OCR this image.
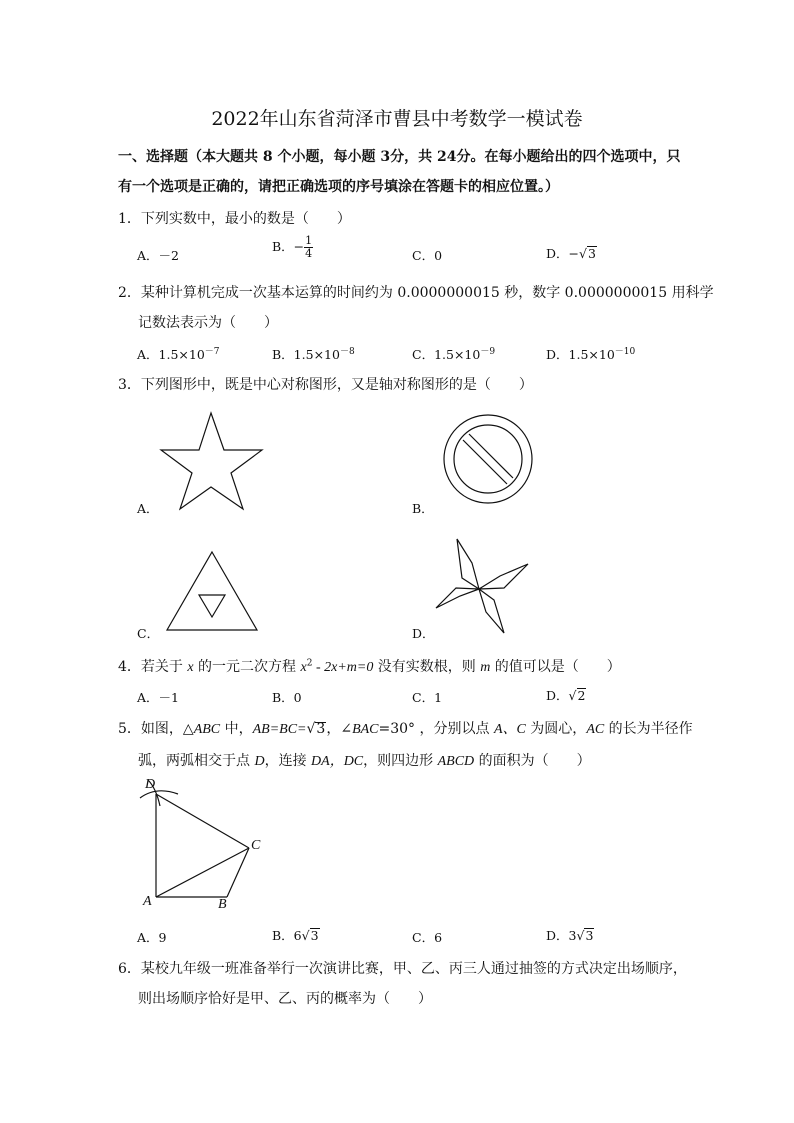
2022年山东省菏泽市曹县中考数学一模试卷
一、选择题（本大题共 8 个小题，每小题 3分，共 24分。在每小题给出的四个选项中，只
有一个选项是正确的，请把正确选项的序号填涂在答题卡的相应位置。）
1．下列实数中，最小的数是（　　）
A．－2
B．− $\frac{1}{4}$	C．0	D．−√3
2．某种计算机完成一次基本运算的时间约为 0.0000000015 秒，数字 0.0000000015 用科学
记数法表示为（　　）
A．$1.5\times 10^{-7}$	B．$1.5\times 10^{-8}$	C．$1.5\times 10^{-9}$	D．$1.5\times 10^{-10}$
3．下列图形中，既是中心对称图形，又是轴对称图形的是（　　）
A．	B．
C．	D．
4．若关于 x 的一元二次方程 $x^2 - 2x+m=0$ 没有实数根，则 m 的值可以是（　　）
A．－1	B．0	C．1	D．√2
5．如图，△ABC 中，AB=BC=√3，∠BAC=30° ，分别以点 A、C 为圆心，AC 的长为半径作
弧，两弧相交于点 D，连接 DA，DC，则四边形 ABCD 的面积为（　　）
D
C
A	B
A．9	B．6√3	C．6	D．3√3
6．某校九年级一班准备举行一次演讲比赛，甲、乙、丙三人通过抽签的方式决定出场顺序，
则出场顺序恰好是甲、乙、丙的概率为（　　）
